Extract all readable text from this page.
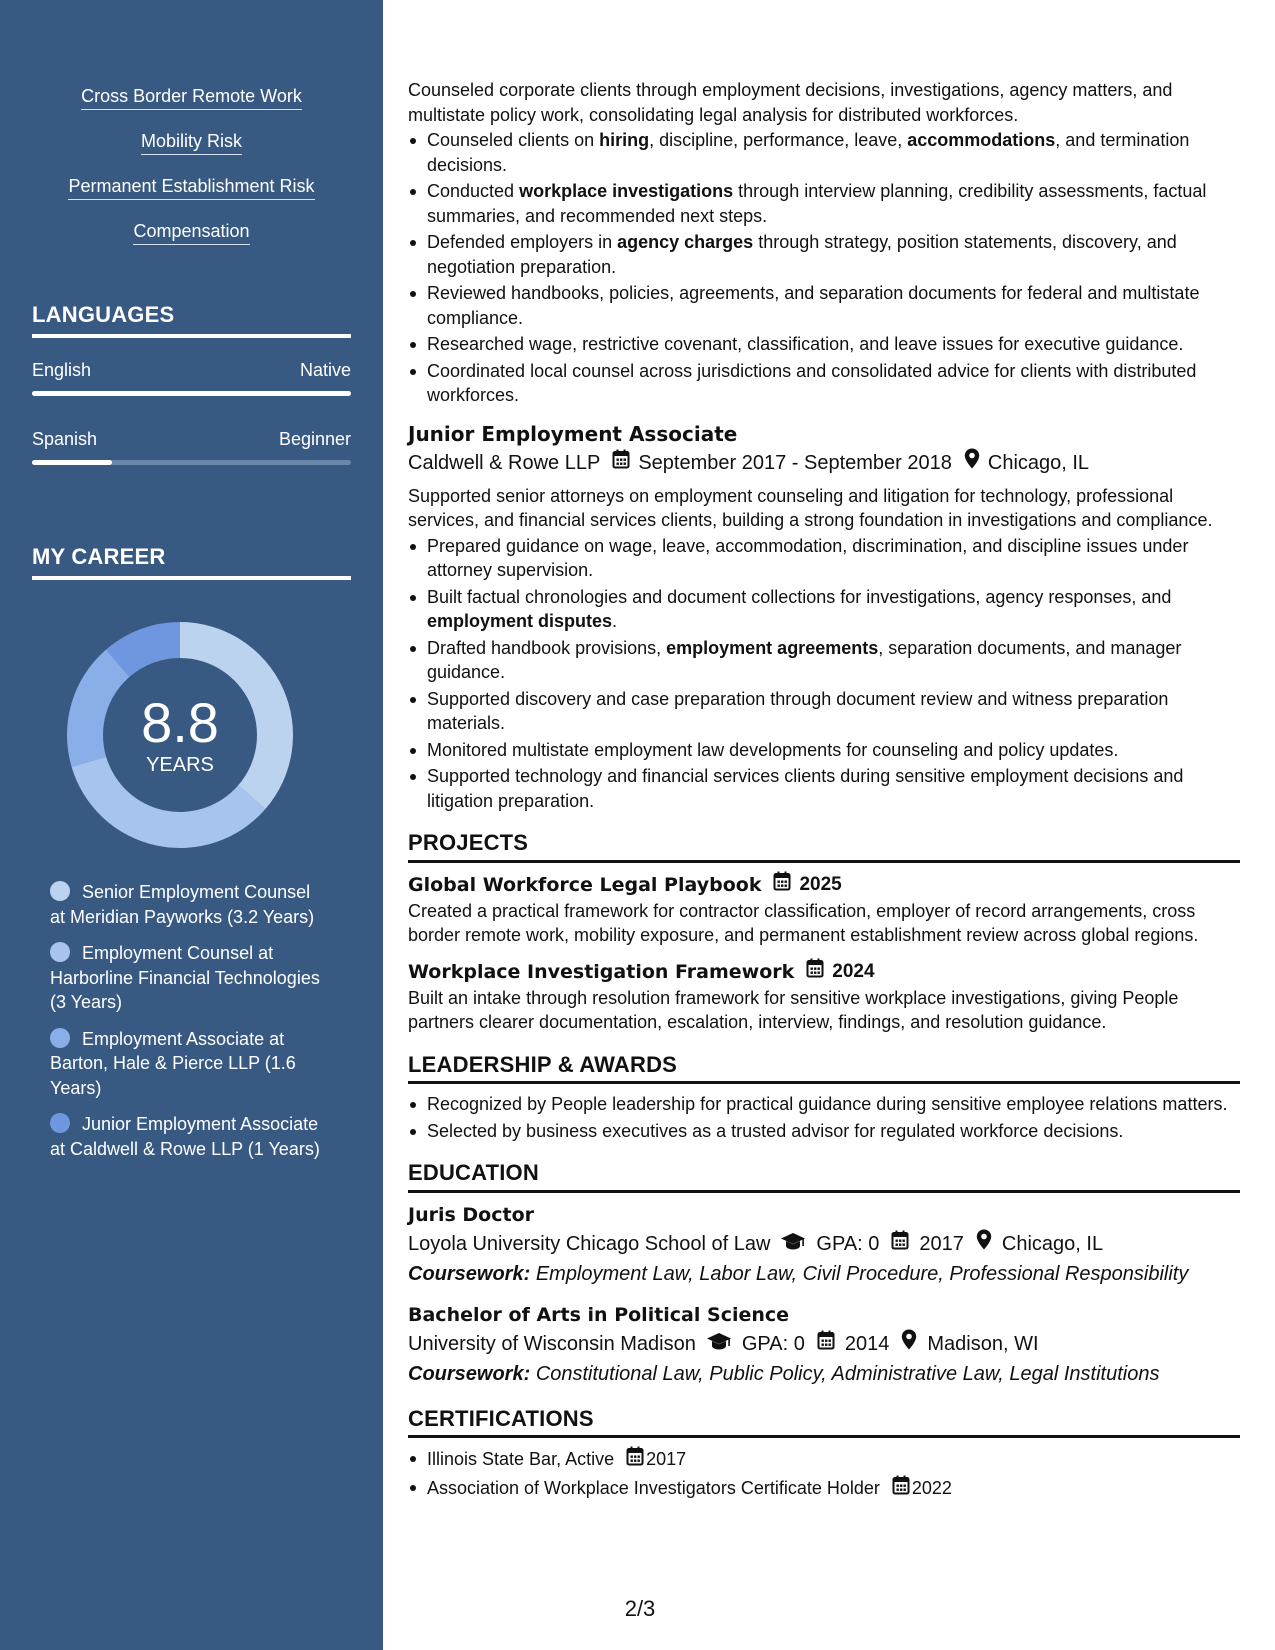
Cross Border Remote Work
Mobility Risk
Permanent Establishment Risk
Compensation
LANGUAGES
English	Native
Spanish	Beginner
MY CAREER
8.8
YEARS
Senior Employment Counsel at Meridian Payworks (3.2 Years)
Employment Counsel at Harborline Financial Technologies (3 Years)
Employment Associate at Barton, Hale & Pierce LLP (1.6 Years)
Junior Employment Associate at Caldwell & Rowe LLP (1 Years)

Counseled corporate clients through employment decisions, investigations, agency matters, and multistate policy work, consolidating legal analysis for distributed workforces.

Counseled clients on hiring, discipline, performance, leave, accommodations, and termination decisions.
Conducted workplace investigations through interview planning, credibility assessments, factual summaries, and recommended next steps.
Defended employers in agency charges through strategy, position statements, discovery, and negotiation preparation.
Reviewed handbooks, policies, agreements, and separation documents for federal and multistate compliance.
Researched wage, restrictive covenant, classification, and leave issues for executive guidance.
Coordinated local counsel across jurisdictions and consolidated advice for clients with distributed workforces.
Junior Employment Associate
Caldwell & Rowe LLP September 2017 - September 2018 Chicago, IL

Supported senior attorneys on employment counseling and litigation for technology, professional services, and financial services clients, building a strong foundation in investigations and compliance.

Prepared guidance on wage, leave, accommodation, discrimination, and discipline issues under attorney supervision.
Built factual chronologies and document collections for investigations, agency responses, and employment disputes.
Drafted handbook provisions, employment agreements, separation documents, and manager guidance.
Supported discovery and case preparation through document review and witness preparation materials.
Monitored multistate employment law developments for counseling and policy updates.
Supported technology and financial services clients during sensitive employment decisions and litigation preparation.
PROJECTS
Global Workforce Legal Playbook 2025

Created a practical framework for contractor classification, employer of record arrangements, cross border remote work, mobility exposure, and permanent establishment review across global regions.

Workplace Investigation Framework 2024

Built an intake through resolution framework for sensitive workplace investigations, giving People partners clearer documentation, escalation, interview, findings, and resolution guidance.

LEADERSHIP & AWARDS
Recognized by People leadership for practical guidance during sensitive employee relations matters.
Selected by business executives as a trusted advisor for regulated workforce decisions.
EDUCATION
Juris Doctor
Loyola University Chicago School of Law GPA: 0 2017 Chicago, IL
Coursework: Employment Law, Labor Law, Civil Procedure, Professional Responsibility
Bachelor of Arts in Political Science
University of Wisconsin Madison GPA: 0 2014 Madison, WI
Coursework: Constitutional Law, Public Policy, Administrative Law, Legal Institutions
CERTIFICATIONS
Illinois State Bar, Active 2017
Association of Workplace Investigators Certificate Holder 2022
2/3
